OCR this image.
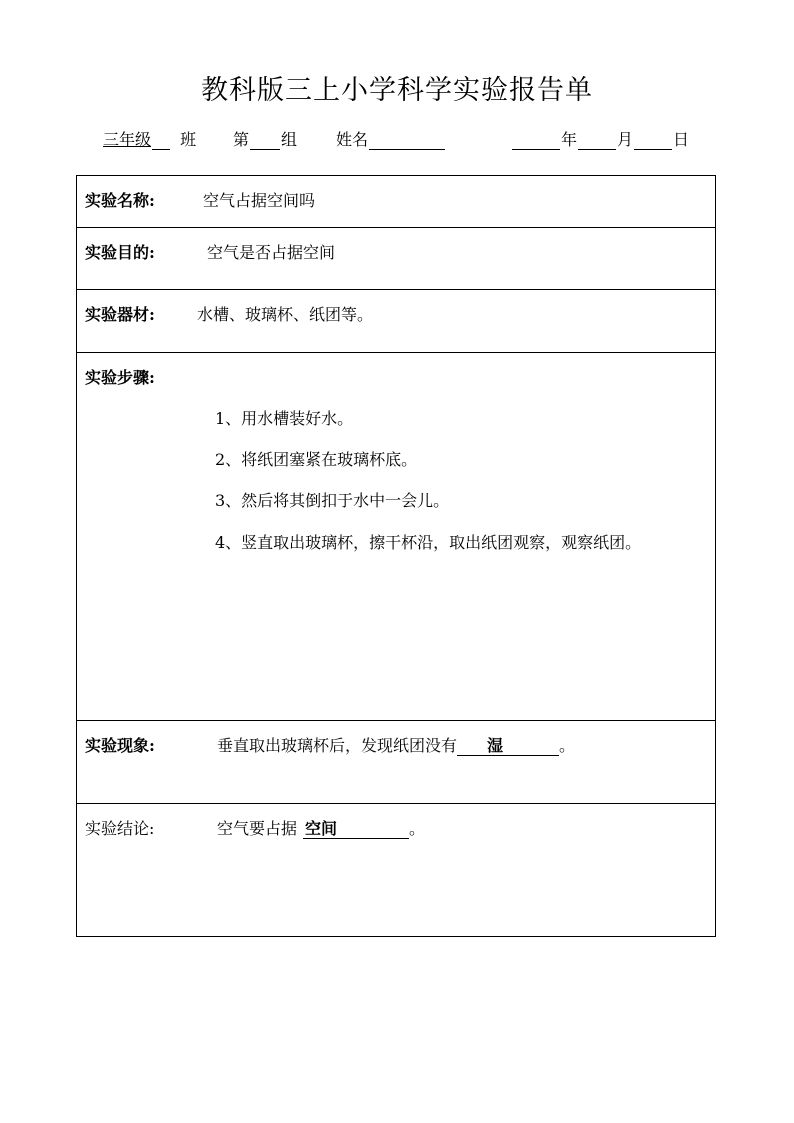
教科版三上小学科学实验报告单
三年级 班 第 组 姓名	年	月	日
实验名称:	空气占据空间吗
实验目的:	空气是否占据空间
实验器材:	水槽、玻璃杯、纸团等。
实验步骤:
1、用水槽装好水。
2、将纸团塞紧在玻璃杯底。
3、然后将其倒扣于水中一会儿。
4、竖直取出玻璃杯，擦干杯沿，取出纸团观察，观察纸团。
实验现象:	垂直取出玻璃杯后，发现纸团没有 湿	。
实验结论:	空气要占据 空间	。
